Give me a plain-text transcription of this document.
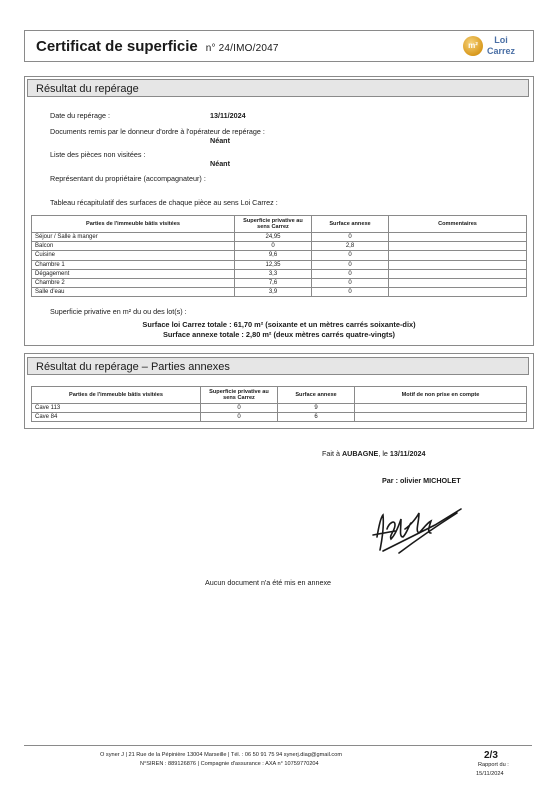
Certificat de superficie n° 24/IMO/2047	m²
Loi
Carrez
Résultat du repérage
Date du repérage :	13/11/2024
Documents remis par le donneur d'ordre à l'opérateur de repérage :
Néant
Liste des pièces non visitées :
Néant
Représentant du propriétaire (accompagnateur) :
Tableau récapitulatif des surfaces de chaque pièce au sens Loi Carrez :
Parties de l'immeuble bâtis visitées	Superficie privative au sens Carrez	Surface annexe	Commentaires
Séjour / Salle à manger	24,95	0	
Balcon	0	2,8	
Cuisine	9,6	0	
Chambre 1	12,35	0	
Dégagement	3,3	0	
Chambre 2	7,6	0	
Salle d'eau	3,9	0	
Superficie privative en m² du ou des lot(s) :
Surface loi Carrez totale : 61,70 m² (soixante et un mètres carrés soixante-dix)
Surface annexe totale : 2,80 m² (deux mètres carrés quatre-vingts)
Résultat du repérage – Parties annexes
Parties de l'immeuble bâtis visitées	Superficie privative au sens Carrez	Surface annexe	Motif de non prise en compte
Cave 113	0	9	
Cave 84	0	6	
Fait à AUBAGNE, le 13/11/2024
Par : olivier MICHOLET
Aucun document n'a été mis en annexe
O syner J | 21 Rue de la Pépinière 13004 Marseille | Tél. : 06 50 91 75 94 synerj.diag@gmail.com
N°SIREN : 889126876 | Compagnie d'assurance : AXA n° 10759770204
2/3
Rapport du :
15/11/2024
